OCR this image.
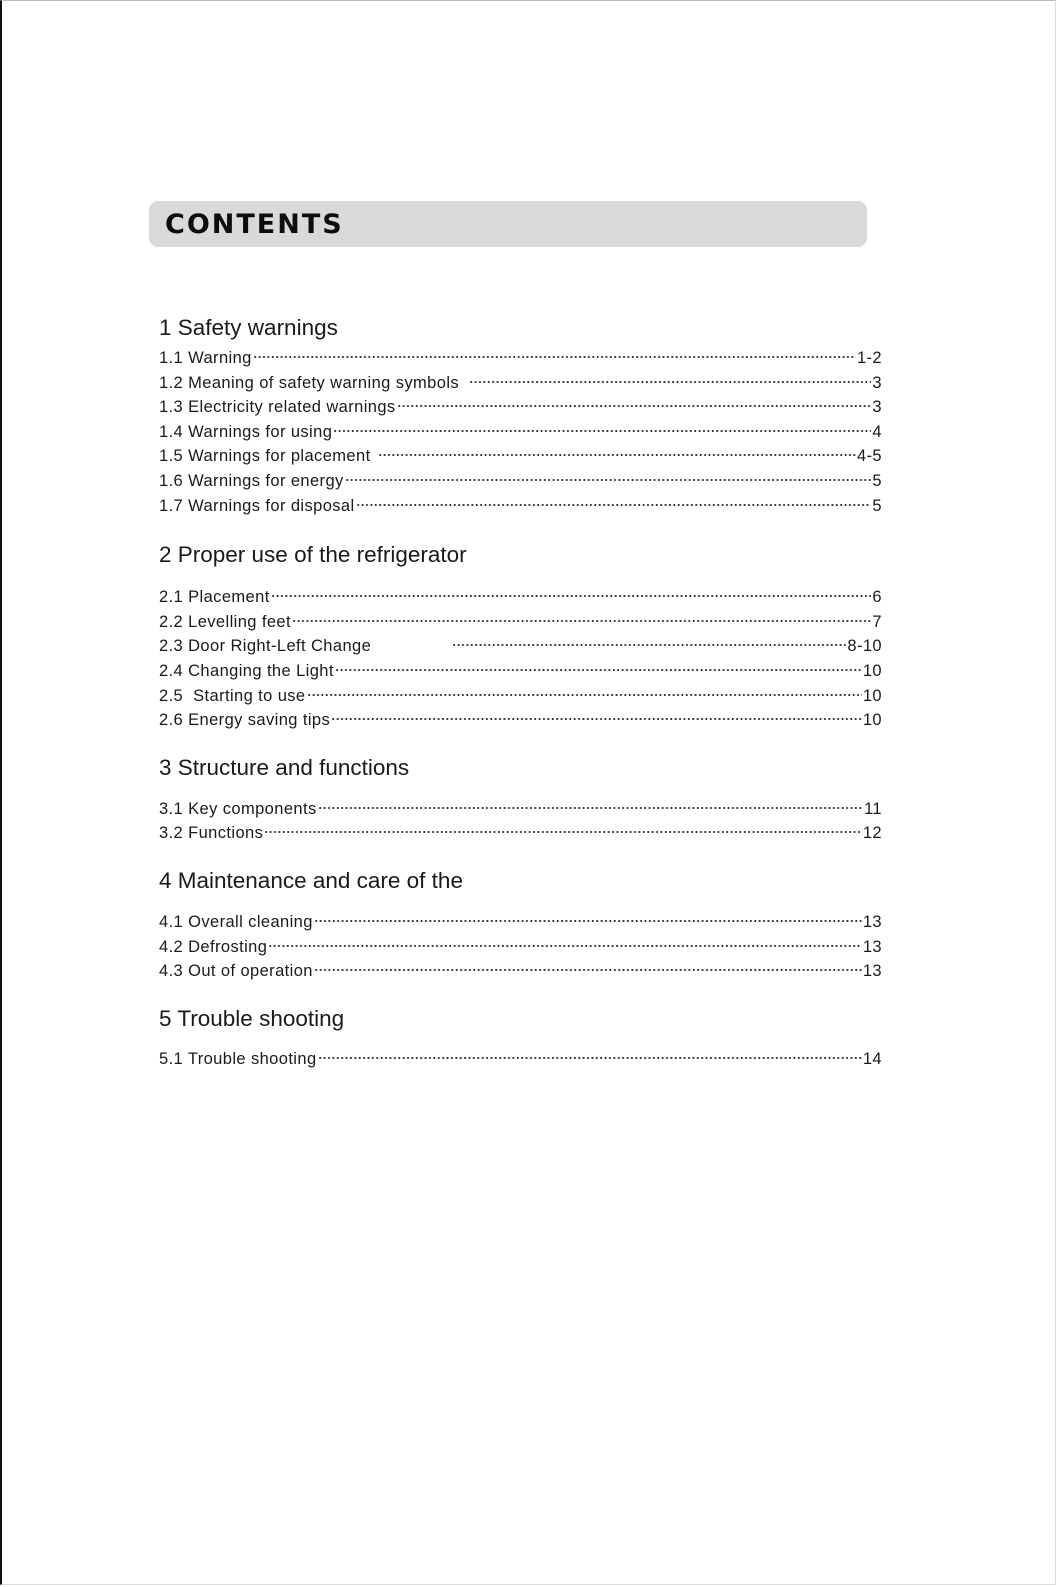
CONTENTS
1 Safety warnings
1.1 Warning	1-2
1.2 Meaning of safety warning symbols	3
1.3 Electricity related warnings	3
1.4 Warnings for using	4
1.5 Warnings for placement	4-5
1.6 Warnings for energy	5
1.7 Warnings for disposal	5
2 Proper use of the refrigerator
2.1 Placement	6
2.2 Levelling feet	7
2.3 Door Right-Left Change	8-10
2.4 Changing the Light	10
2.5  Starting to use	10
2.6 Energy saving tips	10
3 Structure and functions
3.1 Key components	11
3.2 Functions	12
4 Maintenance and care of the
4.1 Overall cleaning	13
4.2 Defrosting	13
4.3 Out of operation	13
5 Trouble shooting
5.1 Trouble shooting	14
